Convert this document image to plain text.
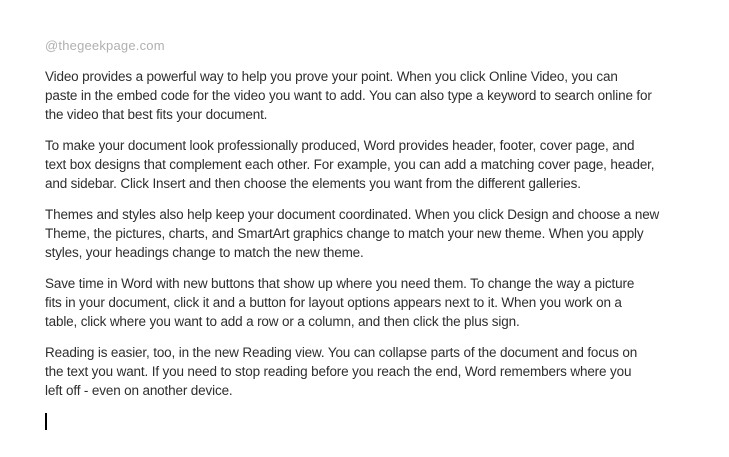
@thegeekpage.com

Video provides a powerful way to help you prove your point. When you click Online Video, you can
paste in the embed code for the video you want to add. You can also type a keyword to search online for
the video that best fits your document.

To make your document look professionally produced, Word provides header, footer, cover page, and
text box designs that complement each other. For example, you can add a matching cover page, header,
and sidebar. Click Insert and then choose the elements you want from the different galleries.

Themes and styles also help keep your document coordinated. When you click Design and choose a new
Theme, the pictures, charts, and SmartArt graphics change to match your new theme. When you apply
styles, your headings change to match the new theme.

Save time in Word with new buttons that show up where you need them. To change the way a picture
fits in your document, click it and a button for layout options appears next to it. When you work on a
table, click where you want to add a row or a column, and then click the plus sign.

Reading is easier, too, in the new Reading view. You can collapse parts of the document and focus on
the text you want. If you need to stop reading before you reach the end, Word remembers where you
left off - even on another device.
